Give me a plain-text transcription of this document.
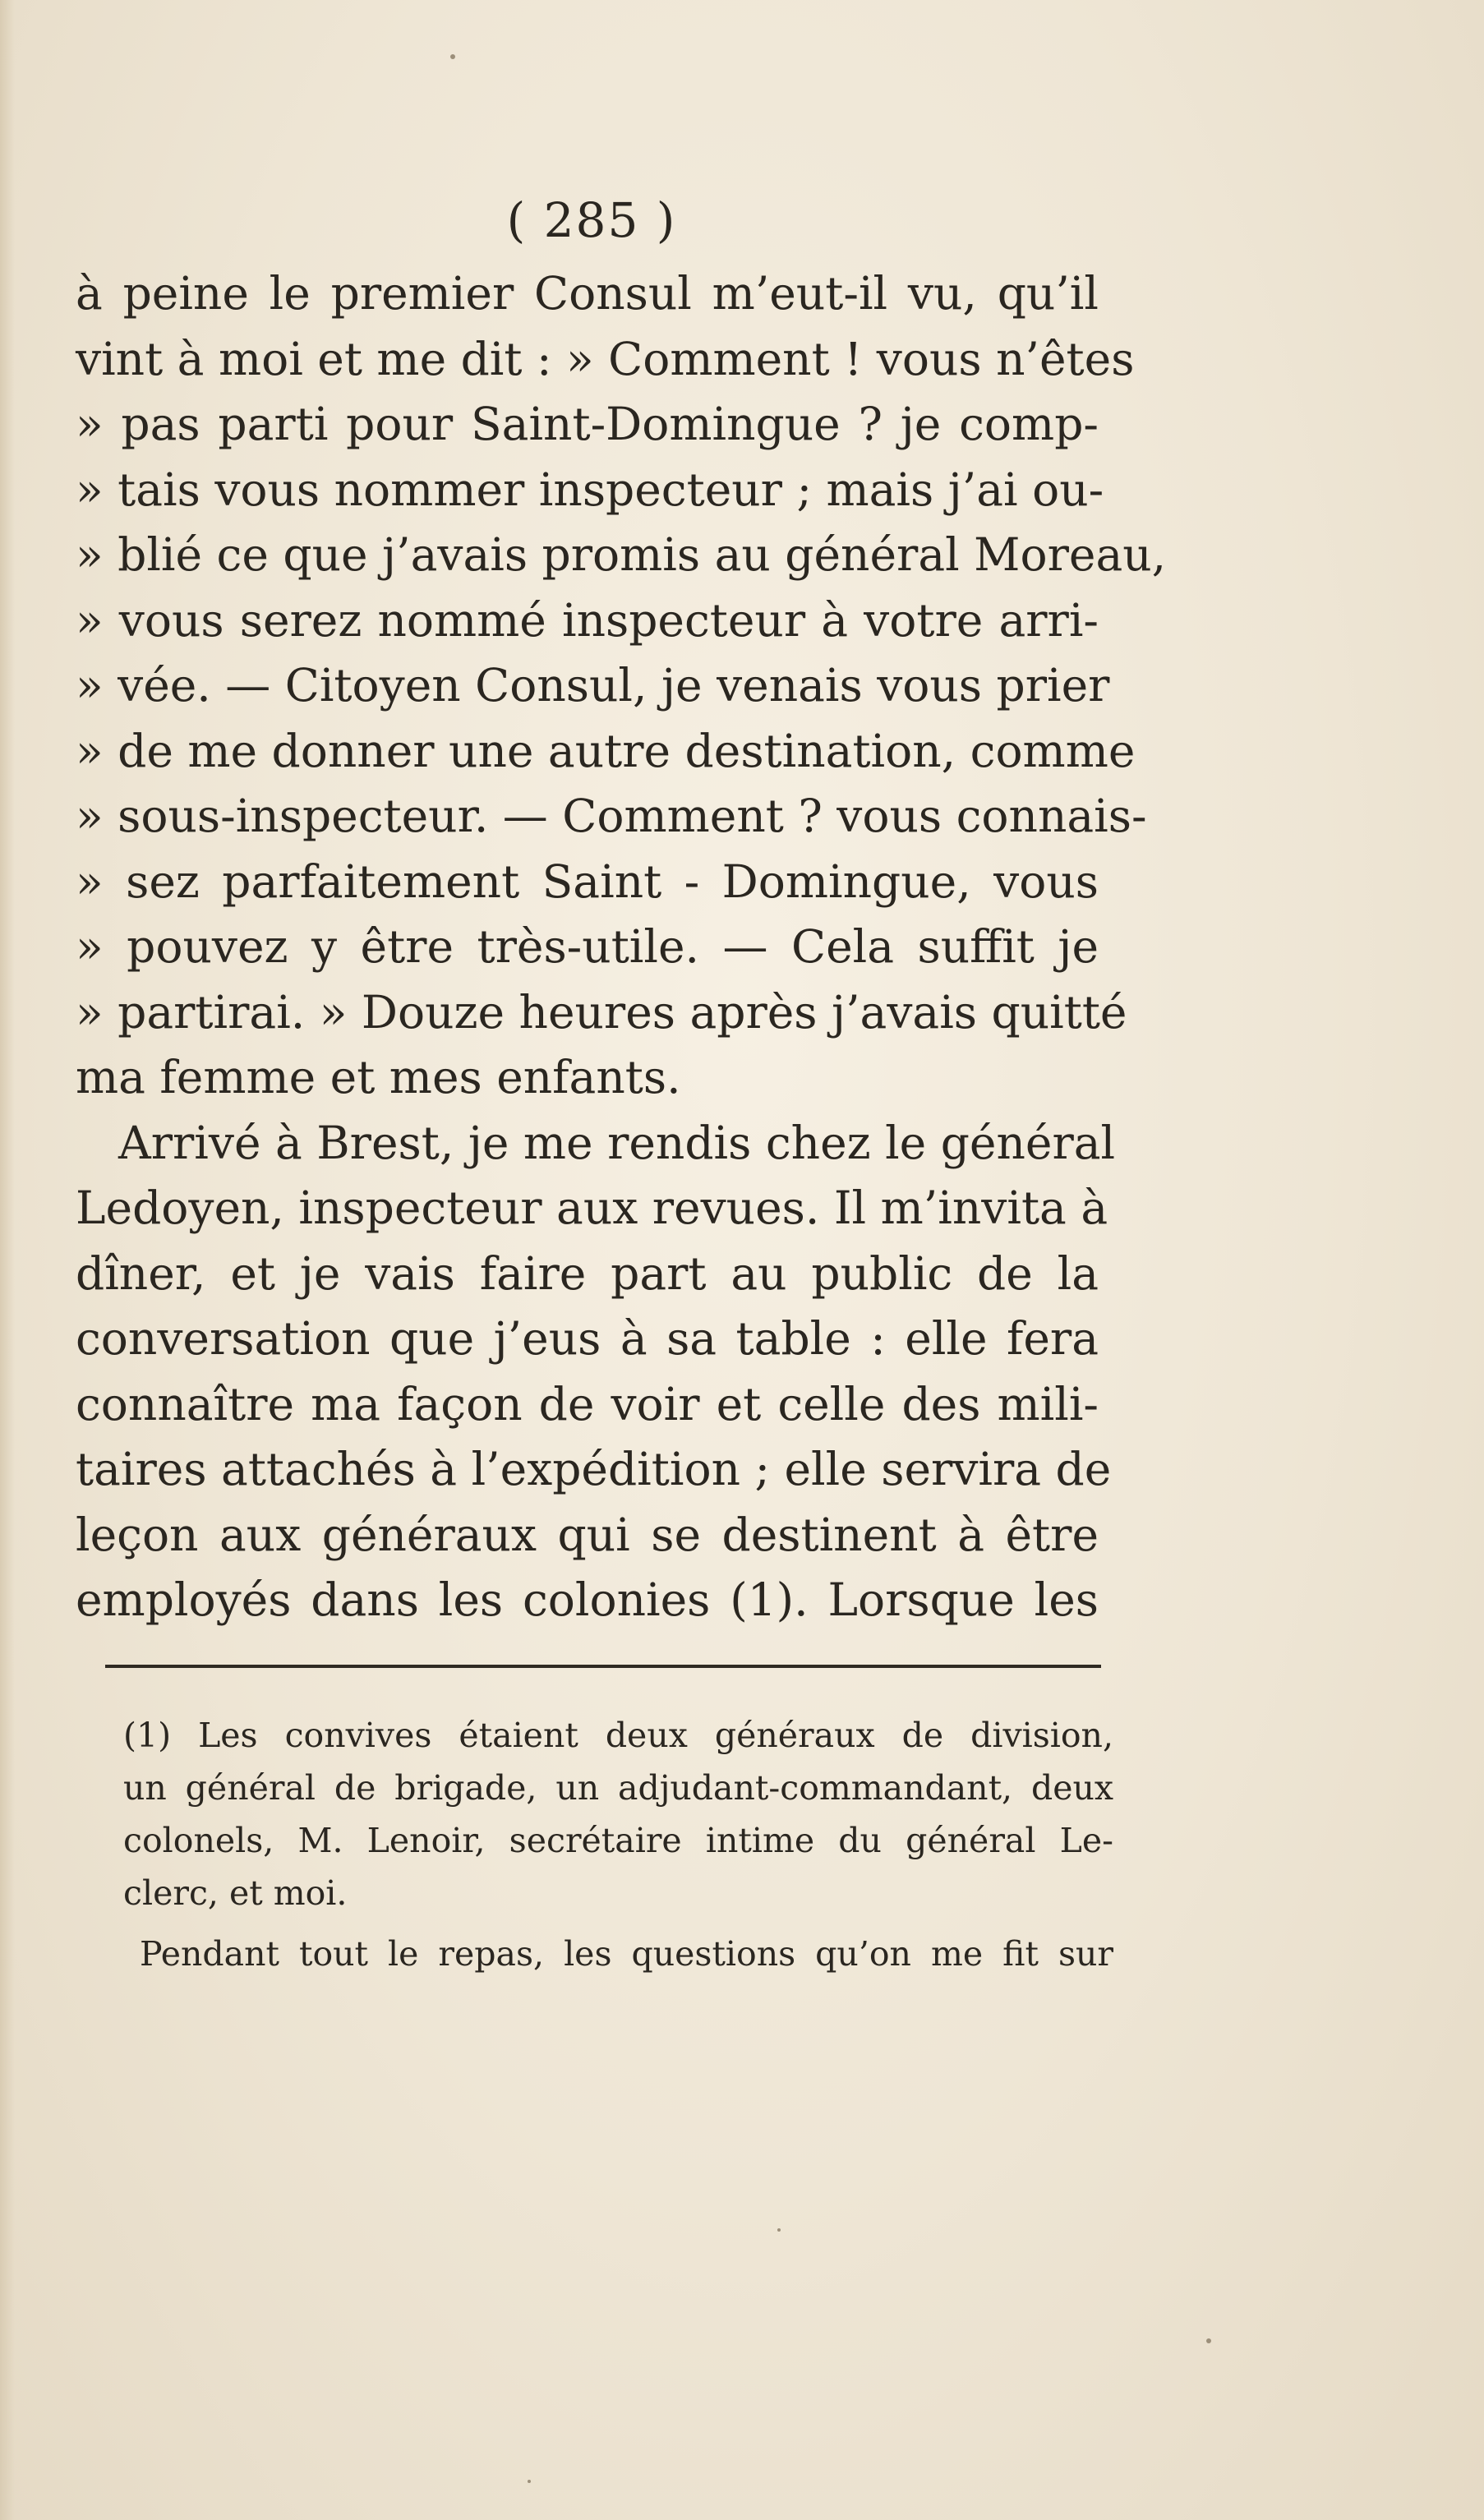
( 285 )
à peine le premier Consul m’eut-il vu, qu’il
vint à moi et me dit : » Comment ! vous n’êtes
» pas parti pour Saint-Domingue ? je comp-
» tais vous nommer inspecteur ; mais j’ai ou-
» blié ce que j’avais promis au général Moreau,
» vous serez nommé inspecteur à votre arri-
» vée. — Citoyen Consul, je venais vous prier
» de me donner une autre destination, comme
» sous-inspecteur. — Comment ? vous connais-
» sez parfaitement Saint - Domingue, vous
» pouvez y être très-utile. — Cela suffit je
» partirai. » Douze heures après j’avais quitté
ma femme et mes enfants.
Arrivé à Brest, je me rendis chez le général
Ledoyen, inspecteur aux revues. Il m’invita à
dîner, et je vais faire part au public de la
conversation que j’eus à sa table : elle fera
connaître ma façon de voir et celle des mili-
taires attachés à l’expédition ; elle servira de
leçon aux généraux qui se destinent à être
employés dans les colonies (1). Lorsque les
(1) Les convives étaient deux généraux de division,
un général de brigade, un adjudant-commandant, deux
colonels, M. Lenoir, secrétaire intime du général Le-
clerc, et moi.
Pendant tout le repas, les questions qu’on me fit sur
